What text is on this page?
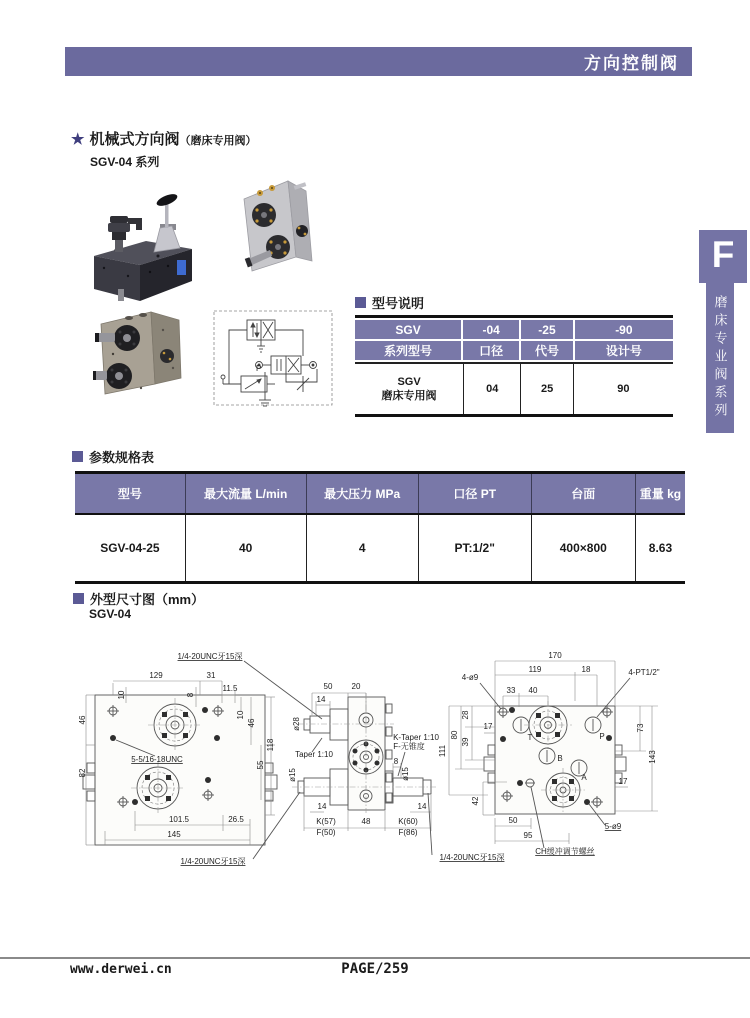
方向控制阀
★ 机械式方向阀（磨床专用阀）
SGV-04 系列
P
型号说明
SGV	-04	-25	-90
系列型号	口径	代号	设计号
SGV
磨床专用阀
04	25	90
F
磨床专业阀系列
参数规格表
型号	最大流量 L/min	最大压力 MPa	口径 PT	台面	重量 kg
SGV-04-25	40	4	PT:1/2"	400×800	8.63
外型尺寸图（mm）
SGV-04
1/4-20UNC牙15深
1/4-20UNC牙15深
5-5/16-18UNC
129	31
11.5
10	8
46
82
10
46
55
118
101.5	26.5
145
50 20
14
ø28
Taper 1:10
ø15
K-Taper 1:10
F-无锥度
8
ø15
14
K(57)
F(50)
48	K(60)
F(86)
14
170
119	18	4-PT1/2"
4-ø9
33 40
28
39
80
111
17	73
143
17
42
50
95
5-ø9
CH缓冲调节螺丝
1/4-20UNC牙15深
T	P
B
A
www.derwei.cn	PAGE/259
